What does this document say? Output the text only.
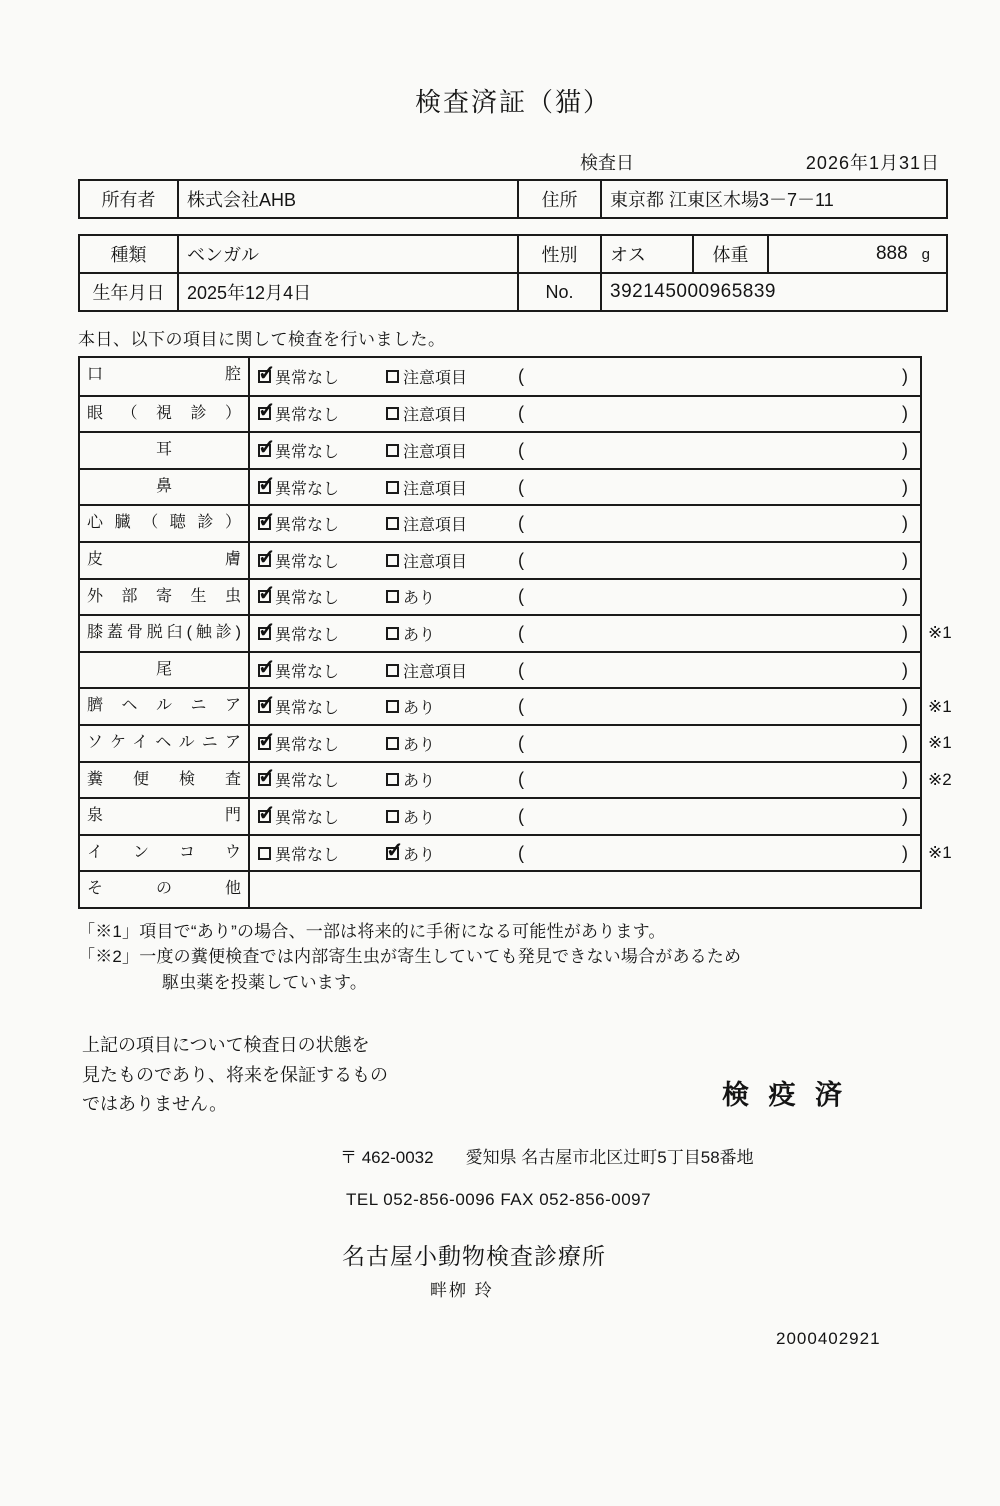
検査済証（猫）
検査日	2026年1月31日
所有者	株式会社AHB	住所	東京都 江東区木場3－7－11
種類	ベンガル	性別	オス	体重	888 g
生年月日	2025年12月4日	No.	392145000965839
本日、以下の項目に関して検査を行いました。
口腔 ✓	異常なし	注意項目	(	)
眼（視診） ✓	異常なし	注意項目	(	)
耳 ✓	異常なし	注意項目	(	)
鼻 ✓	異常なし	注意項目	(	)
心臓（聴診） ✓	異常なし	注意項目	(	)
皮膚 ✓	異常なし	注意項目	(	)
外部寄生虫 ✓	異常なし	あり	(	)
膝蓋骨脱臼(触診) ✓	異常なし	あり	(	) ※1
尾 ✓	異常なし	注意項目	(	)
臍ヘルニア ✓	異常なし	あり	(	) ※1
ソケイヘルニア ✓	異常なし	あり	(	) ※1
糞便検査 ✓	異常なし	あり	(	) ※2
泉門 ✓	異常なし	あり	(	)
インコウ	異常なし ✓	あり	(	) ※1
その他
「※1」項目で“あり”の場合、一部は将来的に手術になる可能性があります。
「※2」一度の糞便検査では内部寄生虫が寄生していても発見できない場合があるため
駆虫薬を投薬しています。
上記の項目について検査日の状態を
見たものであり、将来を保証するもの
ではありません。	検 疫 済
〒 462-0032 愛知県 名古屋市北区辻町5丁目58番地
TEL 052-856-0096 FAX 052-856-0097
名古屋小動物検査診療所
畔栁 玲
2000402921
